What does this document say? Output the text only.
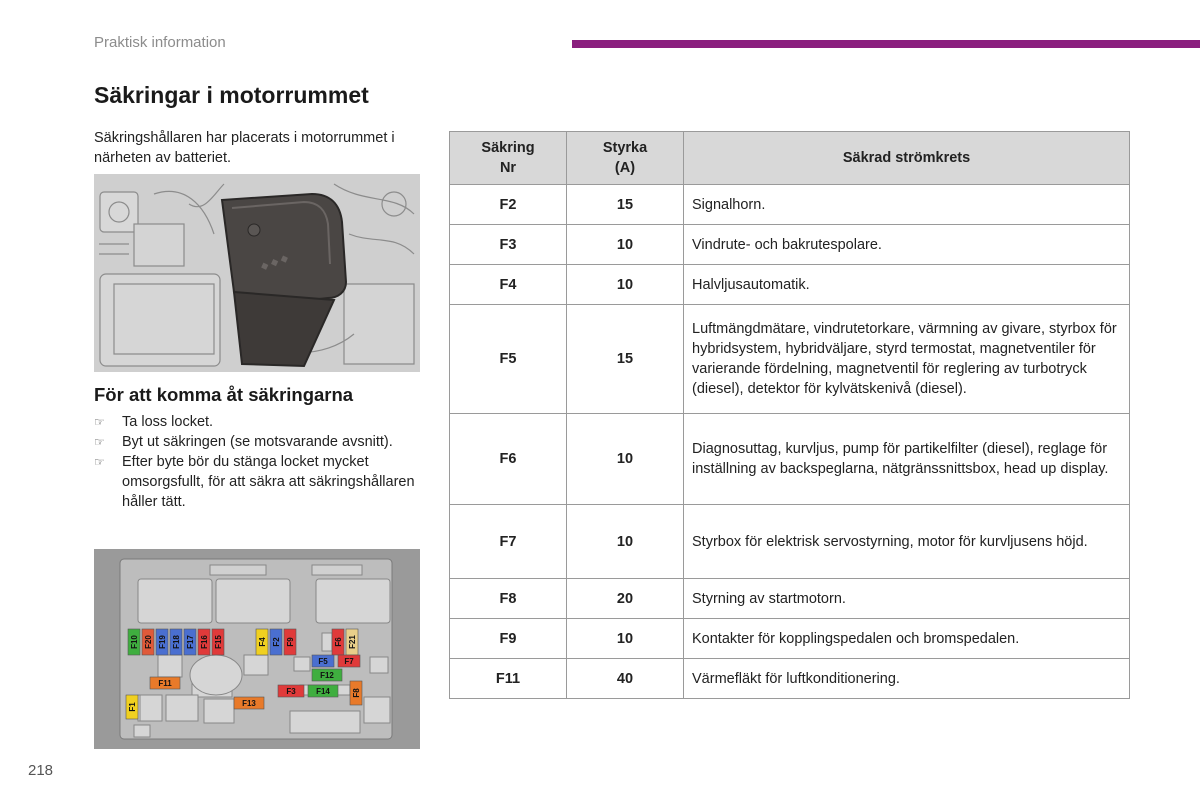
Praktisk information
Säkringar i motorrummet
Säkringshållaren har placerats i motorrummet i närheten av batteriet.
◆ ◆ ◆
För att komma åt säkringarna
☞ Ta loss locket.
☞ Byt ut säkringen (se motsvarande avsnitt).
☞ Efter byte bör du stänga locket mycket omsorgsfullt, för att säkra att säkringshållaren håller tätt.
F10 F20 F19 F18 F17 F16 F15	F4 F2 F9	F6 F21
F1
F8
F5 F7
F12
F11
F3	F14
F13
Säkring Nr	Styrka (A)	Säkrad strömkrets
F2	15	Signalhorn.
F3	10	Vindrute- och bakrutespolare.
F4	10	Halvljusautomatik.
F5	15	Luftmängdmätare, vindrutetorkare, värmning av givare, styrbox för hybridsystem, hybridväljare, styrd termostat, magnetventiler för varierande fördelning, magnetventil för reglering av turbotryck (diesel), detektor för kylvätskenivå (diesel).
F6	10	Diagnosuttag, kurvljus, pump för partikelfilter (diesel), reglage för inställning av backspeglarna, nätgränssnittsbox, head up display.
F7	10	Styrbox för elektrisk servostyrning, motor för kurvljusens höjd.
F8	20	Styrning av startmotorn.
F9	10	Kontakter för kopplingspedalen och bromspedalen.
F11	40	Värmefläkt för luftkonditionering.
218
